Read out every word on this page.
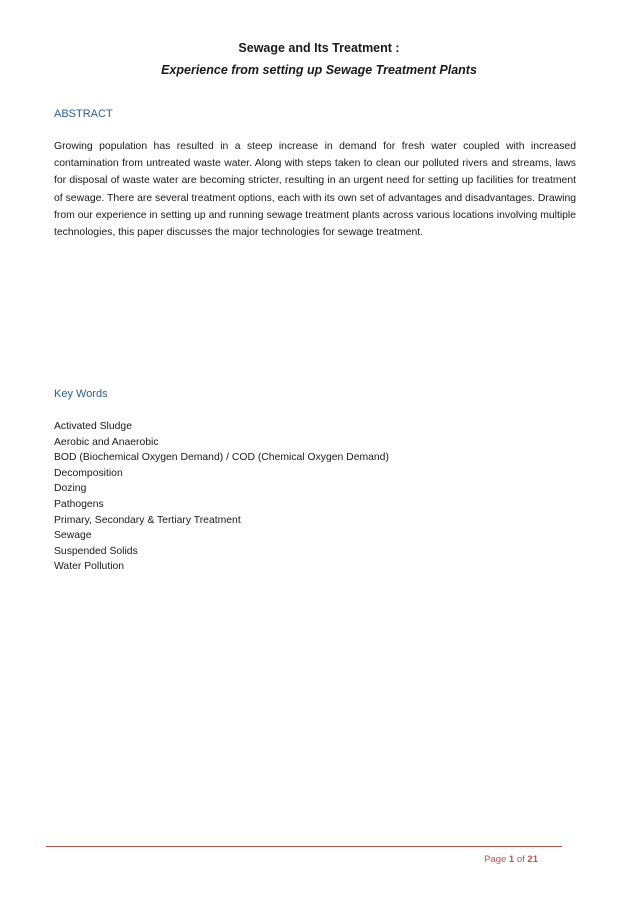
Sewage and Its Treatment :
Experience from setting up Sewage Treatment Plants
ABSTRACT
Growing population has resulted in a steep increase in demand for fresh water coupled with increased contamination from untreated waste water. Along with steps taken to clean our polluted rivers and streams, laws for disposal of waste water are becoming stricter, resulting in an urgent need for setting up facilities for treatment of sewage. There are several treatment options, each with its own set of advantages and disadvantages. Drawing from our experience in setting up and running sewage treatment plants across various locations involving multiple technologies, this paper discusses the major technologies for sewage treatment.
Key Words
Activated Sludge
Aerobic and Anaerobic
BOD (Biochemical Oxygen Demand) / COD (Chemical Oxygen Demand)
Decomposition
Dozing
Pathogens
Primary, Secondary & Tertiary Treatment
Sewage
Suspended Solids
Water Pollution
Page 1 of 21
